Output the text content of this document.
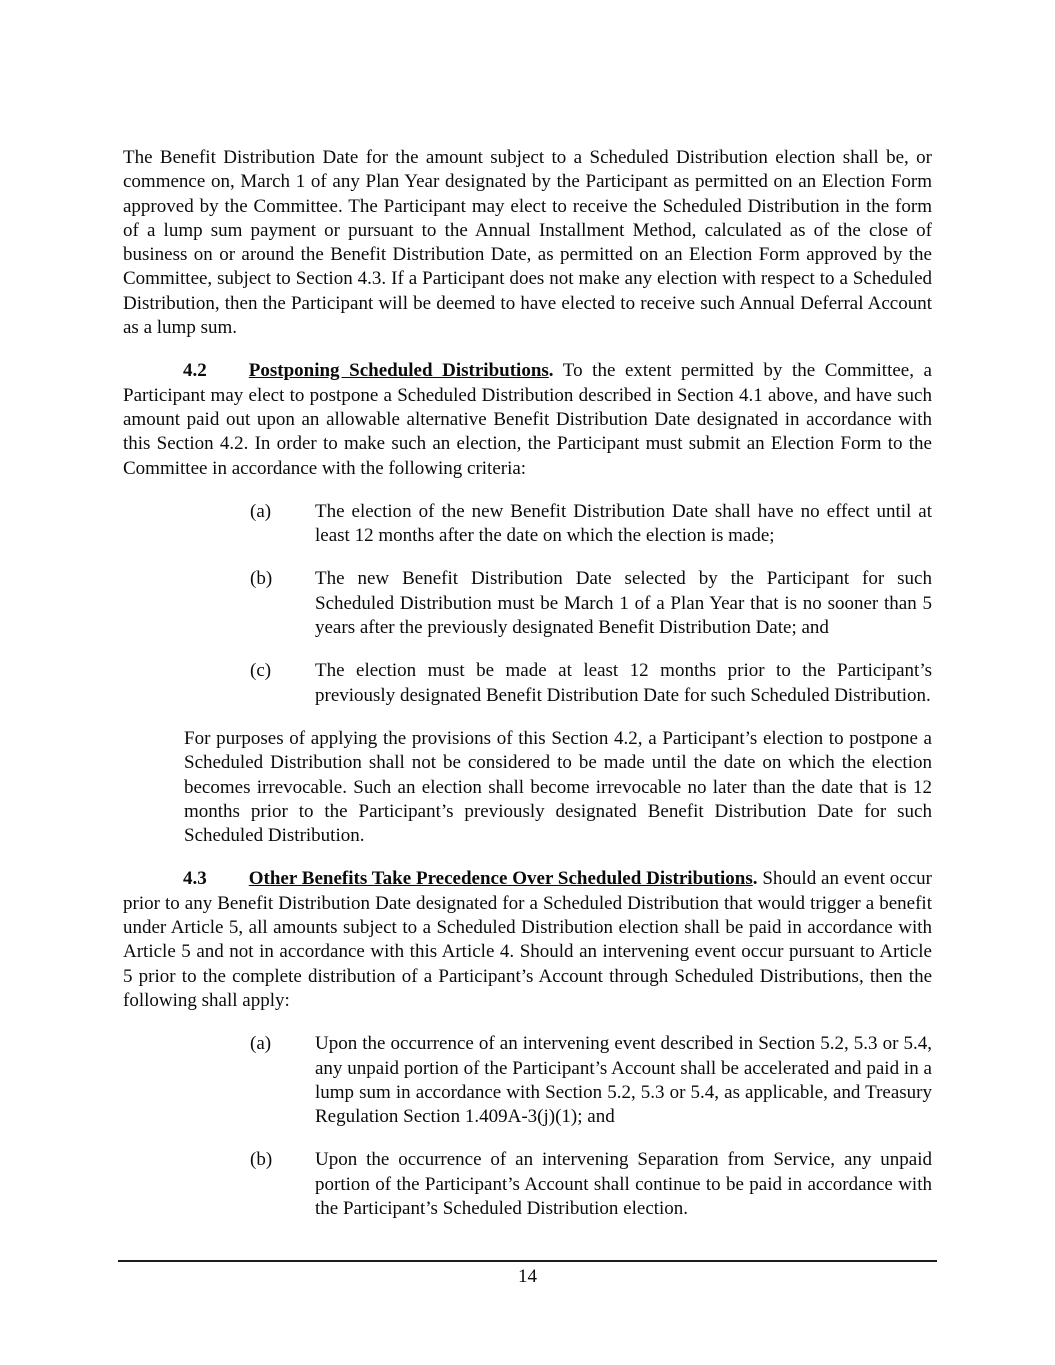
The Benefit Distribution Date for the amount subject to a Scheduled Distribution election shall be, or commence on, March 1 of any Plan Year designated by the Participant as permitted on an Election Form approved by the Committee. The Participant may elect to receive the Scheduled Distribution in the form of a lump sum payment or pursuant to the Annual Installment Method, calculated as of the close of business on or around the Benefit Distribution Date, as permitted on an Election Form approved by the Committee, subject to Section 4.3. If a Participant does not make any election with respect to a Scheduled Distribution, then the Participant will be deemed to have elected to receive such Annual Deferral Account as a lump sum.

4.2 Postponing Scheduled Distributions. To the extent permitted by the Committee, a Participant may elect to postpone a Scheduled Distribution described in Section 4.1 above, and have such amount paid out upon an allowable alternative Benefit Distribution Date designated in accordance with this Section 4.2. In order to make such an election, the Participant must submit an Election Form to the Committee in accordance with the following criteria:

(a)	The election of the new Benefit Distribution Date shall have no effect until at least 12 months after the date on which the election is made;
(b)	The new Benefit Distribution Date selected by the Participant for such Scheduled Distribution must be March 1 of a Plan Year that is no sooner than 5 years after the previously designated Benefit Distribution Date; and
(c)	The election must be made at least 12 months prior to the Participant’s previously designated Benefit Distribution Date for such Scheduled Distribution.

For purposes of applying the provisions of this Section 4.2, a Participant’s election to postpone a Scheduled Distribution shall not be considered to be made until the date on which the election becomes irrevocable. Such an election shall become irrevocable no later than the date that is 12 months prior to the Participant’s previously designated Benefit Distribution Date for such Scheduled Distribution.

4.3 Other Benefits Take Precedence Over Scheduled Distributions. Should an event occur prior to any Benefit Distribution Date designated for a Scheduled Distribution that would trigger a benefit under Article 5, all amounts subject to a Scheduled Distribution election shall be paid in accordance with Article 5 and not in accordance with this Article 4. Should an intervening event occur pursuant to Article 5 prior to the complete distribution of a Participant’s Account through Scheduled Distributions, then the following shall apply:

(a)	Upon the occurrence of an intervening event described in Section 5.2, 5.3 or 5.4, any unpaid portion of the Participant’s Account shall be accelerated and paid in a lump sum in accordance with Section 5.2, 5.3 or 5.4, as applicable, and Treasury Regulation Section 1.409A-3(j)(1); and
(b)	Upon the occurrence of an intervening Separation from Service, any unpaid portion of the Participant’s Account shall continue to be paid in accordance with the Participant’s Scheduled Distribution election.
14
